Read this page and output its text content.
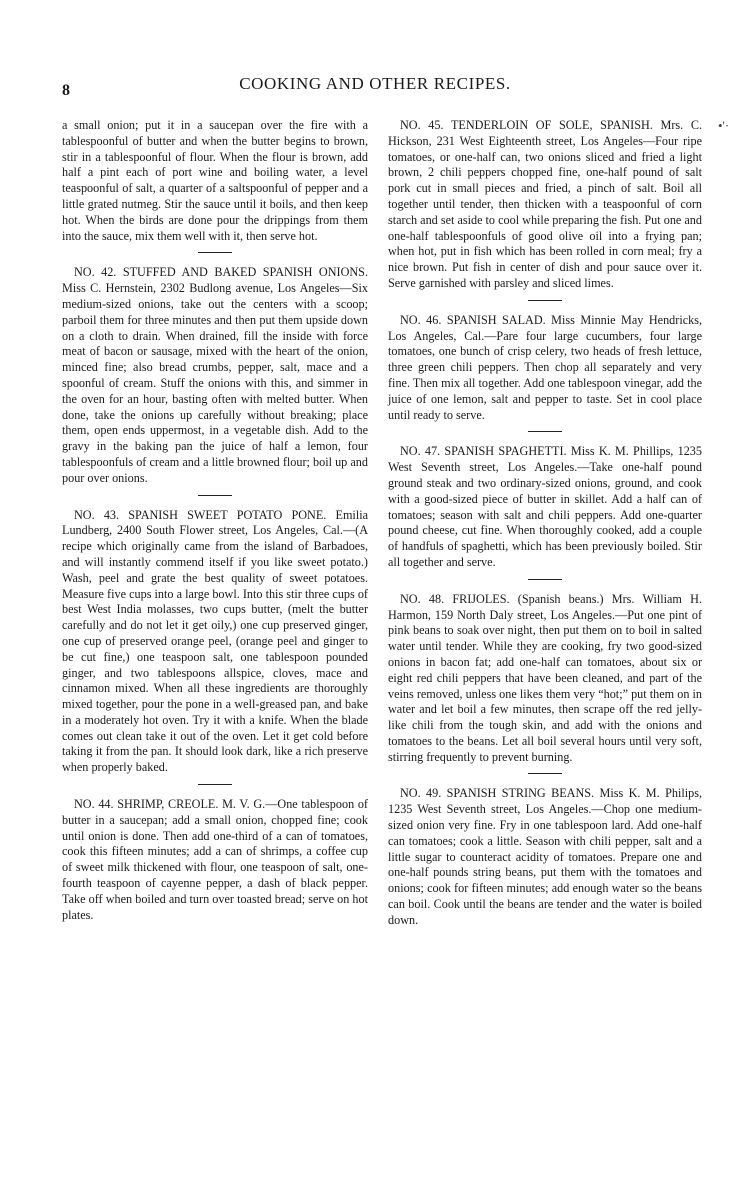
8	COOKING AND OTHER RECIPES.
•'·

a small onion; put it in a saucepan over the fire with a tablespoonful of butter and when the butter begins to brown, stir in a tablespoonful of flour. When the flour is brown, add half a pint each of port wine and boiling water, a level teaspoonful of salt, a quarter of a saltspoonful of pepper and a little grated nutmeg. Stir the sauce until it boils, and then keep hot. When the birds are done pour the drippings from them into the sauce, mix them well with it, then serve hot.

NO. 42. STUFFED AND BAKED SPANISH ONIONS. Miss C. Hernstein, 2302 Budlong avenue, Los Angeles—Six medium-sized onions, take out the centers with a scoop; parboil them for three minutes and then put them upside down on a cloth to drain. When drained, fill the inside with force meat of bacon or sausage, mixed with the heart of the onion, minced fine; also bread crumbs, pepper, salt, mace and a spoonful of cream. Stuff the onions with this, and simmer in the oven for an hour, basting often with melted butter. When done, take the onions up carefully without breaking; place them, open ends uppermost, in a vegetable dish. Add to the gravy in the baking pan the juice of half a lemon, four tablespoonfuls of cream and a little browned flour; boil up and pour over onions.

NO. 43. SPANISH SWEET POTATO PONE. Emilia Lundberg, 2400 South Flower street, Los Angeles, Cal.—(A recipe which originally came from the island of Barbadoes, and will instantly commend itself if you like sweet potato.) Wash, peel and grate the best quality of sweet potatoes. Measure five cups into a large bowl. Into this stir three cups of best West India molasses, two cups butter, (melt the butter carefully and do not let it get oily,) one cup preserved ginger, one cup of preserved orange peel, (orange peel and ginger to be cut fine,) one teaspoon salt, one tablespoon pounded ginger, and two tablespoons allspice, cloves, mace and cinnamon mixed. When all these ingredients are thoroughly mixed together, pour the pone in a well-greased pan, and bake in a moderately hot oven. Try it with a knife. When the blade comes out clean take it out of the oven. Let it get cold before taking it from the pan. It should look dark, like a rich preserve when properly baked.

NO. 44. SHRIMP, CREOLE. M. V. G.—One tablespoon of butter in a saucepan; add a small onion, chopped fine; cook until onion is done. Then add one-third of a can of tomatoes, cook this fifteen minutes; add a can of shrimps, a coffee cup of sweet milk thickened with flour, one teaspoon of salt, one-fourth teaspoon of cayenne pepper, a dash of black pepper. Take off when boiled and turn over toasted bread; serve on hot plates.

NO. 45. TENDERLOIN OF SOLE, SPANISH. Mrs. C. Hickson, 231 West Eighteenth street, Los Angeles—Four ripe tomatoes, or one-half can, two onions sliced and fried a light brown, 2 chili peppers chopped fine, one-half pound of salt pork cut in small pieces and fried, a pinch of salt. Boil all together until tender, then thicken with a teaspoonful of corn starch and set aside to cool while preparing the fish. Put one and one-half tablespoonfuls of good olive oil into a frying pan; when hot, put in fish which has been rolled in corn meal; fry a nice brown. Put fish in center of dish and pour sauce over it. Serve garnished with parsley and sliced limes.

NO. 46. SPANISH SALAD. Miss Minnie May Hendricks, Los Angeles, Cal.—Pare four large cucumbers, four large tomatoes, one bunch of crisp celery, two heads of fresh lettuce, three green chili peppers. Then chop all separately and very fine. Then mix all together. Add one tablespoon vinegar, add the juice of one lemon, salt and pepper to taste. Set in cool place until ready to serve.

NO. 47. SPANISH SPAGHETTI. Miss K. M. Phillips, 1235 West Seventh street, Los Angeles.—Take one-half pound ground steak and two ordinary-sized onions, ground, and cook with a good-sized piece of butter in skillet. Add a half can of tomatoes; season with salt and chili peppers. Add one-quarter pound cheese, cut fine. When thoroughly cooked, add a couple of handfuls of spaghetti, which has been previously boiled. Stir all together and serve.

NO. 48. FRIJOLES. (Spanish beans.) Mrs. William H. Harmon, 159 North Daly street, Los Angeles.—Put one pint of pink beans to soak over night, then put them on to boil in salted water until tender. While they are cooking, fry two good-sized onions in bacon fat; add one-half can tomatoes, about six or eight red chili peppers that have been cleaned, and part of the veins removed, unless one likes them very “hot;” put them on in water and let boil a few minutes, then scrape off the red jelly-like chili from the tough skin, and add with the onions and tomatoes to the beans. Let all boil several hours until very soft, stirring frequently to prevent burning.

NO. 49. SPANISH STRING BEANS. Miss K. M. Philips, 1235 West Seventh street, Los Angeles.—Chop one medium-sized onion very fine. Fry in one tablespoon lard. Add one-half can tomatoes; cook a little. Season with chili pepper, salt and a little sugar to counteract acidity of tomatoes. Prepare one and one-half pounds string beans, put them with the tomatoes and onions; cook for fifteen minutes; add enough water so the beans can boil. Cook until the beans are tender and the water is boiled down.
